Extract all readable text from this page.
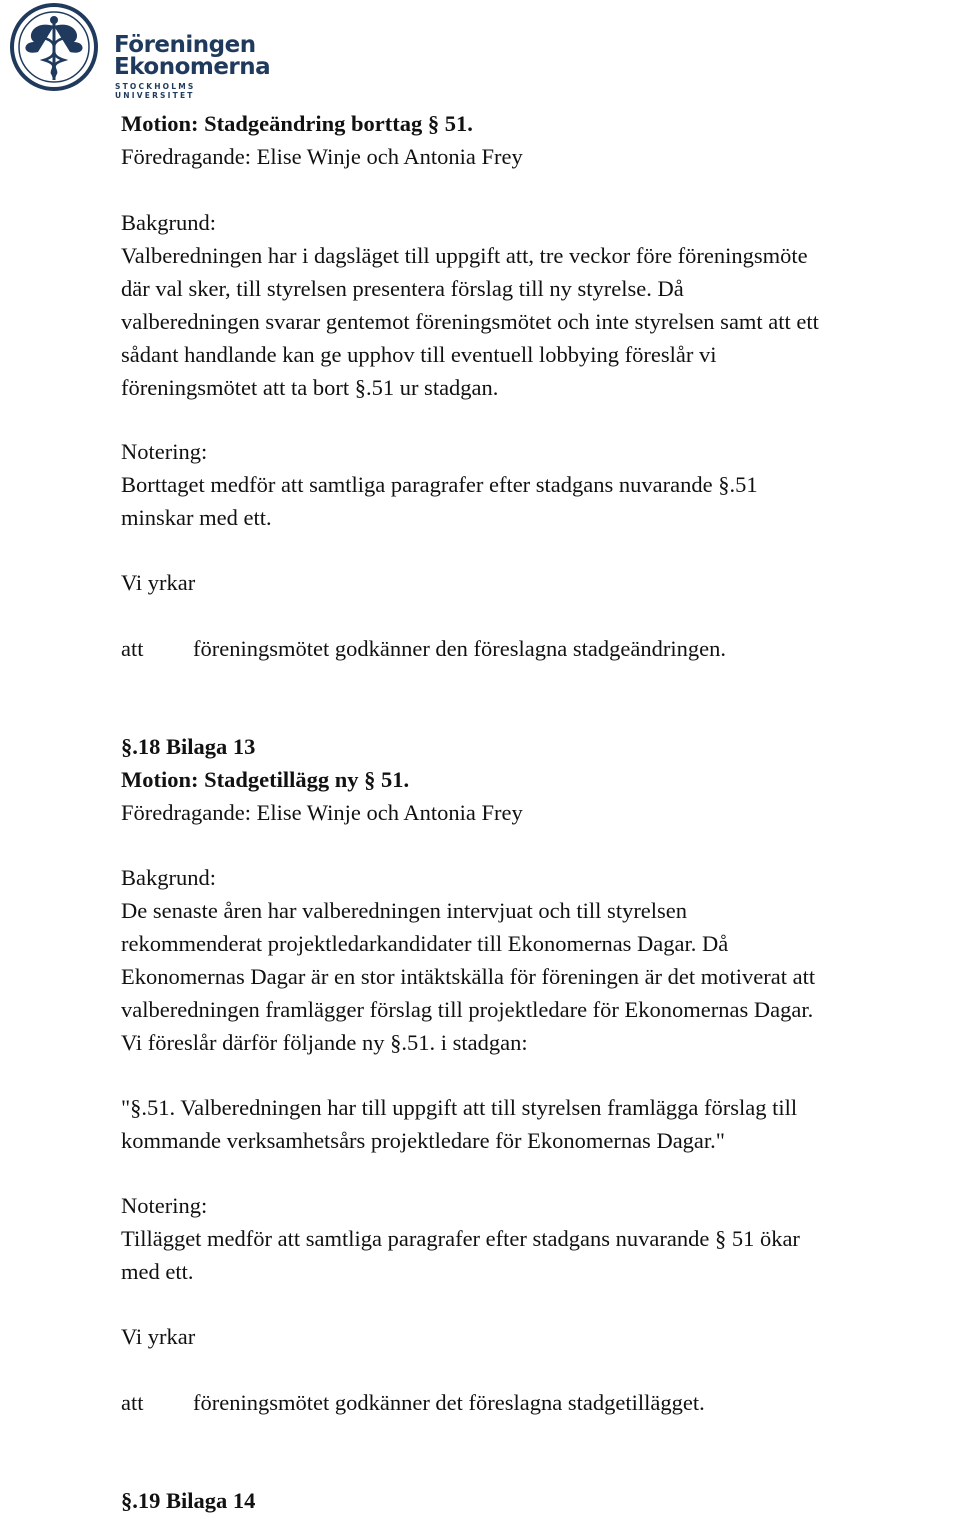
Föreningen
Ekonomerna
STOCKHOLMS UNIVERSITET
Motion: Stadgeändring borttag § 51.
Föredragande: Elise Winje och Antonia Frey
Bakgrund:
Valberedningen har i dagsläget till uppgift att, tre veckor före föreningsmöte
där val sker, till styrelsen presentera förslag till ny styrelse. Då
valberedningen svarar gentemot föreningsmötet och inte styrelsen samt att ett
sådant handlande kan ge upphov till eventuell lobbying föreslår vi
föreningsmötet att ta bort §.51 ur stadgan.
Notering:
Borttaget medför att samtliga paragrafer efter stadgans nuvarande §.51
minskar med ett.
Vi yrkar
att föreningsmötet godkänner den föreslagna stadgeändringen.
§.18 Bilaga 13
Motion: Stadgetillägg ny § 51.
Föredragande: Elise Winje och Antonia Frey
Bakgrund:
De senaste åren har valberedningen intervjuat och till styrelsen
rekommenderat projektledarkandidater till Ekonomernas Dagar. Då
Ekonomernas Dagar är en stor intäktskälla för föreningen är det motiverat att
valberedningen framlägger förslag till projektledare för Ekonomernas Dagar.
Vi föreslår därför följande ny §.51. i stadgan:
"§.51. Valberedningen har till uppgift att till styrelsen framlägga förslag till
kommande verksamhetsårs projektledare för Ekonomernas Dagar."
Notering:
Tillägget medför att samtliga paragrafer efter stadgans nuvarande § 51 ökar
med ett.
Vi yrkar
att föreningsmötet godkänner det föreslagna stadgetillägget.
§.19 Bilaga 14
